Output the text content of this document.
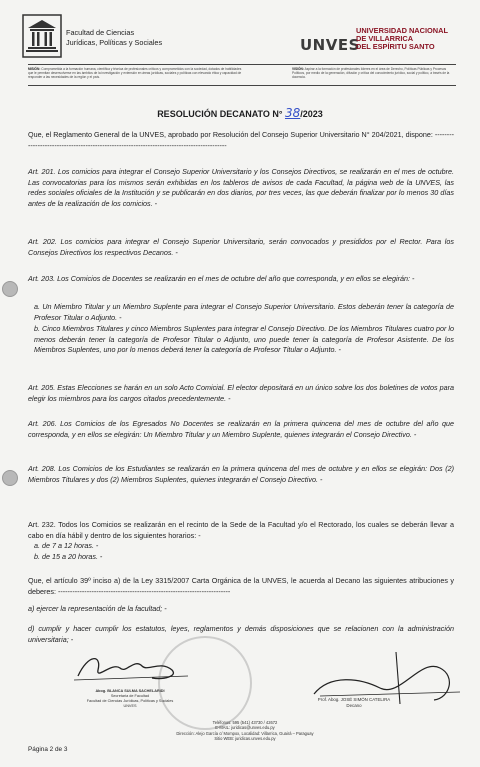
Facultad de Ciencias
Jurídicas, Políticas y Sociales	UNVES
UNIVERSIDAD NACIONAL
DE VILLARRICA
DEL ESPÍRITU SANTO
MISIÓN: Comprometida a la formación humana, científica y técnica de profesionales críticos y comprometidos con la sociedad, dotados de habilidades que le permitan desenvolverse en las ámbitos de la investigación y extensión en áreas jurídicas, sociales y políticas con elevando ética y capacidad de responder a las necesidades de la región y el país.
VISIÓN: Aspirar a la formación de profesionales líderes en el área de Derecho, Políticas Públicas y Procesos Políticos, por medio de la generación, difusión y crítica del conocimiento jurídico, social y político, a través de la docencia.
RESOLUCIÓN DECANATO N° 38/2023
Que, el Reglamento General de la UNVES, aprobado por Resolución del Consejo Superior Universitario N° 204/2021, dispone: -------------------------------------------------------------------------------------------
Art. 201. Los comicios para integrar el Consejo Superior Universitario y los Consejos Directivos, se realizarán en el mes de octubre. Las convocatorias para los mismos serán exhibidas en los tableros de avisos de cada Facultad, la página web de la UNVES, las redes sociales oficiales de la Institución y se publicarán en dos diarios, por tres veces, las que deberán finalizar por lo menos 30 días antes de la realización de los comicios. -
Art. 202. Los comicios para integrar el Consejo Superior Universitario, serán convocados y presididos por el Rector. Para los Consejos Directivos los respectivos Decanos. -
Art. 203. Los Comicios de Docentes se realizarán en el mes de octubre del año que corresponda, y en ellos se elegirán: -
a. Un Miembro Titular y un Miembro Suplente para integrar el Consejo Superior Universitario. Estos deberán tener la categoría de Profesor Titular o Adjunto. -
b. Cinco Miembros Titulares y cinco Miembros Suplentes para integrar el Consejo Directivo. De los Miembros Titulares cuatro por lo menos deberán tener la categoría de Profesor Titular o Adjunto, uno puede tener la categoría de Profesor Asistente. De los Miembros Suplentes, uno por lo menos deberá tener la categoría de Profesor Titular o Adjunto. -
Art. 205. Estas Elecciones se harán en un solo Acto Comicial. El elector depositará en un único sobre los dos boletines de votos para elegir los miembros para los cargos citados precedentemente. -
Art. 206. Los Comicios de los Egresados No Docentes se realizarán en la primera quincena del mes de octubre del año que corresponda, y en ellos se elegirán: Un Miembro Titular y un Miembro Suplente, quienes integrarán el Consejo Directivo. -
Art. 208. Los Comicios de los Estudiantes se realizarán en la primera quincena del mes de octubre y en ellos se elegirán: Dos (2) Miembros Titulares y dos (2) Miembros Suplentes, quienes integrarán el Consejo Directivo. -
Art. 232. Todos los Comicios se realizarán en el recinto de la Sede de la Facultad y/o el Rectorado, los cuales se deberán llevar a cabo en día hábil y dentro de los siguientes horarios: -
a. de 7 a 12 horas. -
b. de 15 a 20 horas. -
Que, el artículo 39º inciso a) de la Ley 3315/2007 Carta Orgánica de la UNVES, le acuerda al Decano las siguientes atribuciones y deberes: ------------------------------------------------------------------------
a) ejercer la representación de la facultad; -
d) cumplir y hacer cumplir los estatutos, leyes, reglamentos y demás disposiciones que se relacionen con la administración universitaria; -
Abog. BLANCA SULMA SACHELARIDI
Secretaria de Facultad
Facultad de Ciencias Jurídicas, Políticas y Sociales
UNVES
Prof. Abog. JOSÉ SIMÓN CATELIRA
Decano
Teléfonos: 595 (541) 43730 / 42672
E-MAIL: juridicas@unves.edu.py
Dirección: Alejo García c/ Mompox, Localidad: Villarrica, Guairá – Paraguay
Sitio WEB: juridicas.unves.edu.py
Página 2 de 3
